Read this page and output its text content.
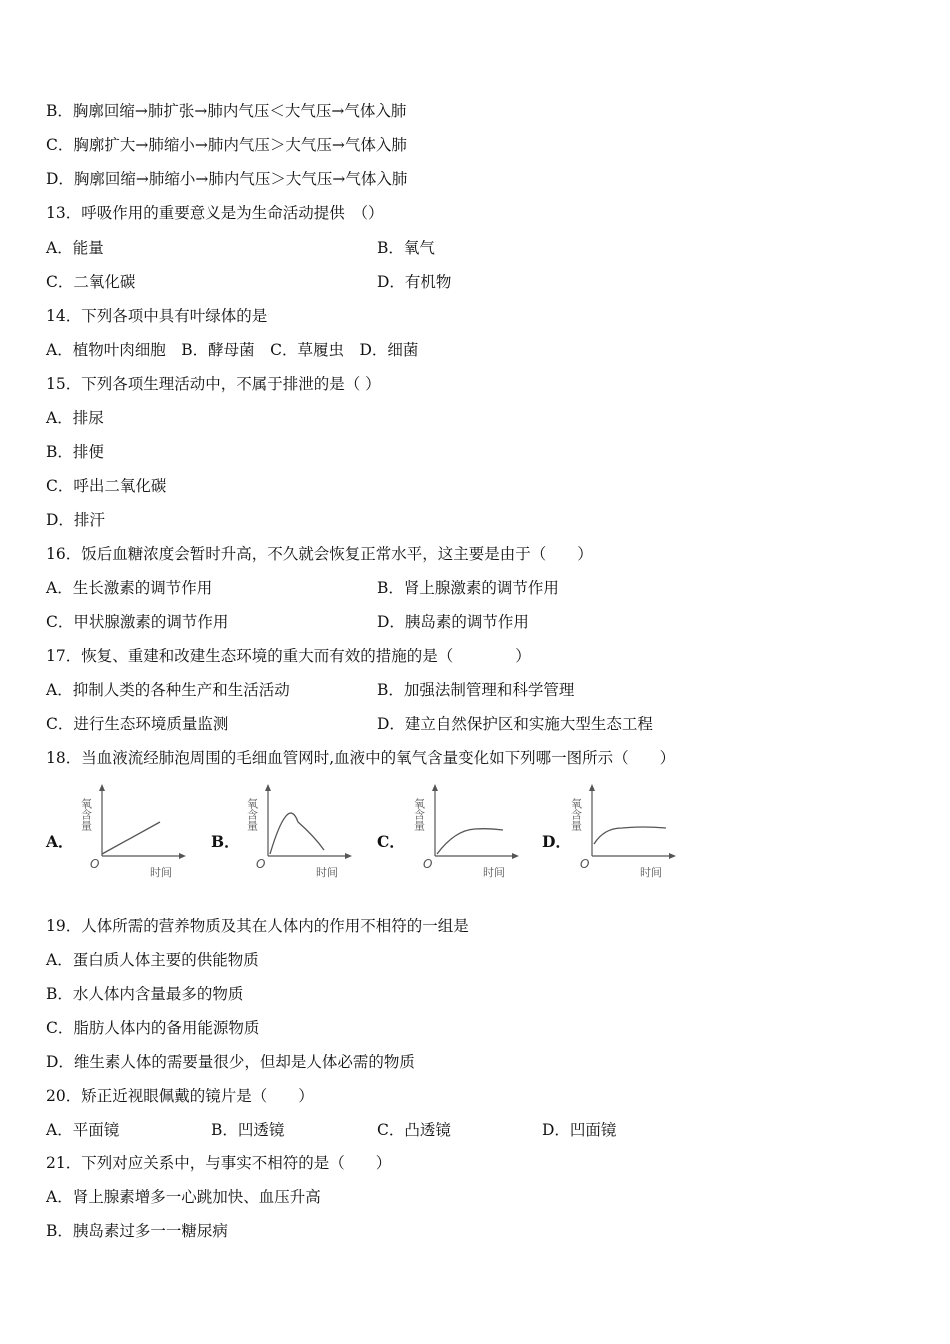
B．胸廓回缩→肺扩张→肺内气压＜大气压→气体入肺
C．胸廓扩大→肺缩小→肺内气压＞大气压→气体入肺
D．胸廓回缩→肺缩小→肺内气压＞大气压→气体入肺
13．呼吸作用的重要意义是为生命活动提供　（）
A．能量	B．氧气
C．二氧化碳	D．有机物
14．下列各项中具有叶绿体的是
A．植物叶肉细胞　B．酵母菌　C．草履虫　D．细菌
15．下列各项生理活动中，不属于排泄的是（ ）
A．排尿
B．排便
C．呼出二氧化碳
D．排汗
16．饭后血糖浓度会暂时升高，不久就会恢复正常水平，这主要是由于（　　）
A．生长激素的调节作用	B．肾上腺激素的调节作用
C．甲状腺激素的调节作用	D．胰岛素的调节作用
17．恢复、重建和改建生态环境的重大而有效的措施的是（　　　　）
A．抑制人类的各种生产和生活活动	B．加强法制管理和科学管理
C．进行生态环境质量监测	D．建立自然保护区和实施大型生态工程
18．当血液流经肺泡周围的毛细血管网时,血液中的氧气含量变化如下列哪一图所示（　　）
A．	B．	C．	D．
氧含量
O
时间
氧含量
O
时间
氧含量
O
时间
氧含量
O
时间
19．人体所需的营养物质及其在人体内的作用不相符的一组是
A．蛋白质人体主要的供能物质
B．水人体内含量最多的物质
C．脂肪人体内的备用能源物质
D．维生素人体的需要量很少，但却是人体必需的物质
20．矫正近视眼佩戴的镜片是（　　）
A．平面镜	B．凹透镜	C．凸透镜	D．凹面镜
21．下列对应关系中，与事实不相符的是（　　）
A．肾上腺素增多一心跳加快、血压升高
B．胰岛素过多一一糖尿病
